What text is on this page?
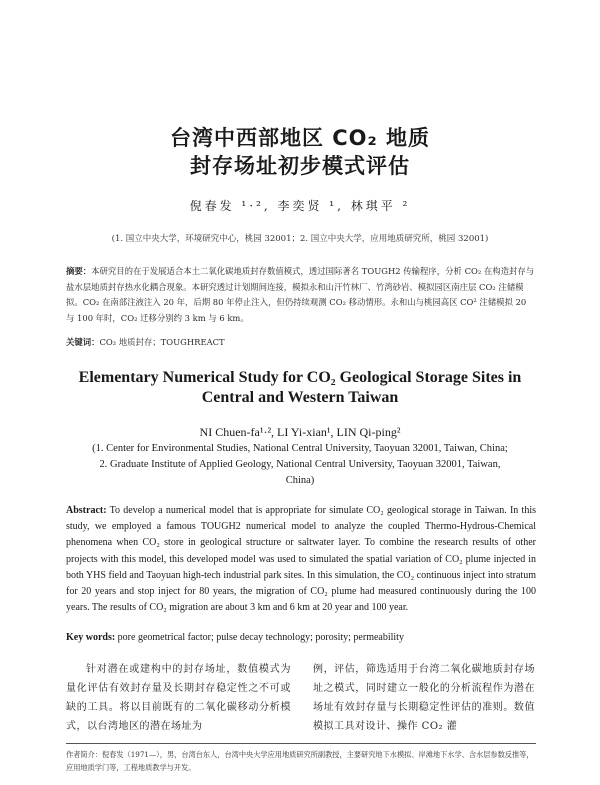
台湾中西部地区 CO₂ 地质
封存场址初步模式评估
倪春发 ¹·², 李奕贤 ¹, 林琪平 ²
(1. 国立中央大学，环境研究中心，桃园 32001；2. 国立中央大学，应用地质研究所，桃园 32001)
摘要：本研究目的在于发展适合本土二氧化碳地质封存数值模式，透过国际著名 TOUGH2 传输程序，分析 CO₂ 在构造封存与盐水层地质封存热水化耦合现象。本研究透过计划期间连接，模拟永和山汗竹林厂、竹湾砂岩、模拟园区南庄层 CO₂ 注储模拟。CO₂ 在南部注液注入 20 年，后期 80 年停止注入，但仍持续观测 CO₂ 移动情形。永和山与桃园高区 CO² 注储模拟 20 与 100 年时，CO₂ 迁移分别约 3 km 与 6 km。
关键词：CO₂ 地质封存；TOUGHREACT
Elementary Numerical Study for CO₂ Geological Storage Sites in
Central and Western Taiwan
NI Chuen-fa¹·², LI Yi-xian¹, LIN Qi-ping²
(1. Center for Environmental Studies, National Central University, Taoyuan 32001, Taiwan, China;
2. Graduate Institute of Applied Geology, National Central University, Taoyuan 32001, Taiwan,
China)
Abstract: To develop a numerical model that is appropriate for simulate CO₂ geological storage in Taiwan. In this study, we employed a famous TOUGH2 numerical model to analyze the coupled Thermo-Hydrous-Chemical phenomena when CO₂ store in geological structure or saltwater layer. To combine the research results of other projects with this model, this developed model was used to simulated the spatial variation of CO₂ plume injected in both YHS field and Taoyuan high-tech industrial park sites. In this simulation, the CO₂ continuous inject into stratum for 20 years and stop inject for 80 years, the migration of CO₂ plume had measured continuously during the 100 years. The results of CO₂ migration are about 3 km and 6 km at 20 year and 100 year.
Key words: pore geometrical factor; pulse decay technology; porosity; permeability
针对潜在或建构中的封存场址，数值模式为量化评估有效封存量及长期封存稳定性之不可或缺的工具。将以目前既有的二氧化碳移动分析模式，以台湾地区的潜在场址为
例，评估，筛选适用于台湾二氧化碳地质封存场址之模式，同时建立一般化的分析流程作为潜在场址有效封存量与长期稳定性评估的准则。数值模拟工具对设计、操作 CO₂ 灌
作者简介：倪春发（1971—），男，台湾台东人，台湾中央大学应用地质研究所副教授，主要研究地下水模拟、岸滩地下水学、含水层参数反推等，应用地质学门等，工程地质教学与开发。
